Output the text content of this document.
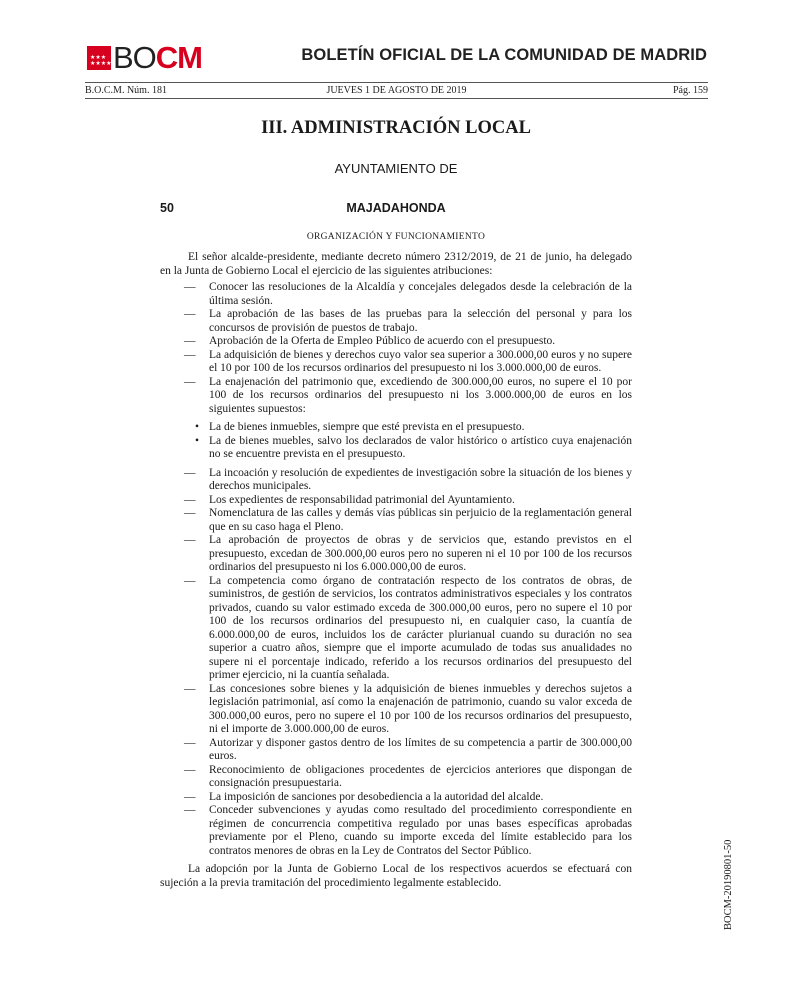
★★★
★★★★ BOCM	BOLETÍN OFICIAL DE LA COMUNIDAD DE MADRID
B.O.C.M. Núm. 181	JUEVES 1 DE AGOSTO DE 2019	Pág. 159
III. ADMINISTRACIÓN LOCAL
AYUNTAMIENTO DE
50	MAJADAHONDA
ORGANIZACIÓN Y FUNCIONAMIENTO

El señor alcalde-presidente, mediante decreto número 2312/2019, de 21 de junio, ha delegado en la Junta de Gobierno Local el ejercicio de las siguientes atribuciones:

— Conocer las resoluciones de la Alcaldía y concejales delegados desde la celebración de la última sesión.
— La aprobación de las bases de las pruebas para la selección del personal y para los concursos de provisión de puestos de trabajo.
— Aprobación de la Oferta de Empleo Público de acuerdo con el presupuesto.
— La adquisición de bienes y derechos cuyo valor sea superior a 300.000,00 euros y no supere el 10 por 100 de los recursos ordinarios del presupuesto ni los 3.000.000,00 de euros.
— La enajenación del patrimonio que, excediendo de 300.000,00 euros, no supere el 10 por 100 de los recursos ordinarios del presupuesto ni los 3.000.000,00 de euros en los siguientes supuestos:
• La de bienes inmuebles, siempre que esté prevista en el presupuesto.
• La de bienes muebles, salvo los declarados de valor histórico o artístico cuya enajenación no se encuentre prevista en el presupuesto.
— La incoación y resolución de expedientes de investigación sobre la situación de los bienes y derechos municipales.
— Los expedientes de responsabilidad patrimonial del Ayuntamiento.
— Nomenclatura de las calles y demás vías públicas sin perjuicio de la reglamentación general que en su caso haga el Pleno.
— La aprobación de proyectos de obras y de servicios que, estando previstos en el presupuesto, excedan de 300.000,00 euros pero no superen ni el 10 por 100 de los recursos ordinarios del presupuesto ni los 6.000.000,00 de euros.
— La competencia como órgano de contratación respecto de los contratos de obras, de suministros, de gestión de servicios, los contratos administrativos especiales y los contratos privados, cuando su valor estimado exceda de 300.000,00 euros, pero no supere el 10 por 100 de los recursos ordinarios del presupuesto ni, en cualquier caso, la cuantía de 6.000.000,00 de euros, incluidos los de carácter plurianual cuando su duración no sea superior a cuatro años, siempre que el importe acumulado de todas sus anualidades no supere ni el porcentaje indicado, referido a los recursos ordinarios del presupuesto del primer ejercicio, ni la cuantía señalada.
— Las concesiones sobre bienes y la adquisición de bienes inmuebles y derechos sujetos a legislación patrimonial, así como la enajenación de patrimonio, cuando su valor exceda de 300.000,00 euros, pero no supere el 10 por 100 de los recursos ordinarios del presupuesto, ni el importe de 3.000.000,00 de euros.
— Autorizar y disponer gastos dentro de los límites de su competencia a partir de 300.000,00 euros.
— Reconocimiento de obligaciones procedentes de ejercicios anteriores que dispongan de consignación presupuestaria.
— La imposición de sanciones por desobediencia a la autoridad del alcalde.
— Conceder subvenciones y ayudas como resultado del procedimiento correspondiente en régimen de concurrencia competitiva regulado por unas bases específicas aprobadas previamente por el Pleno, cuando su importe exceda del límite establecido para los contratos menores de obras en la Ley de Contratos del Sector Público.

La adopción por la Junta de Gobierno Local de los respectivos acuerdos se efectuará con sujeción a la previa tramitación del procedimiento legalmente establecido.	BOCM-20190801-50
